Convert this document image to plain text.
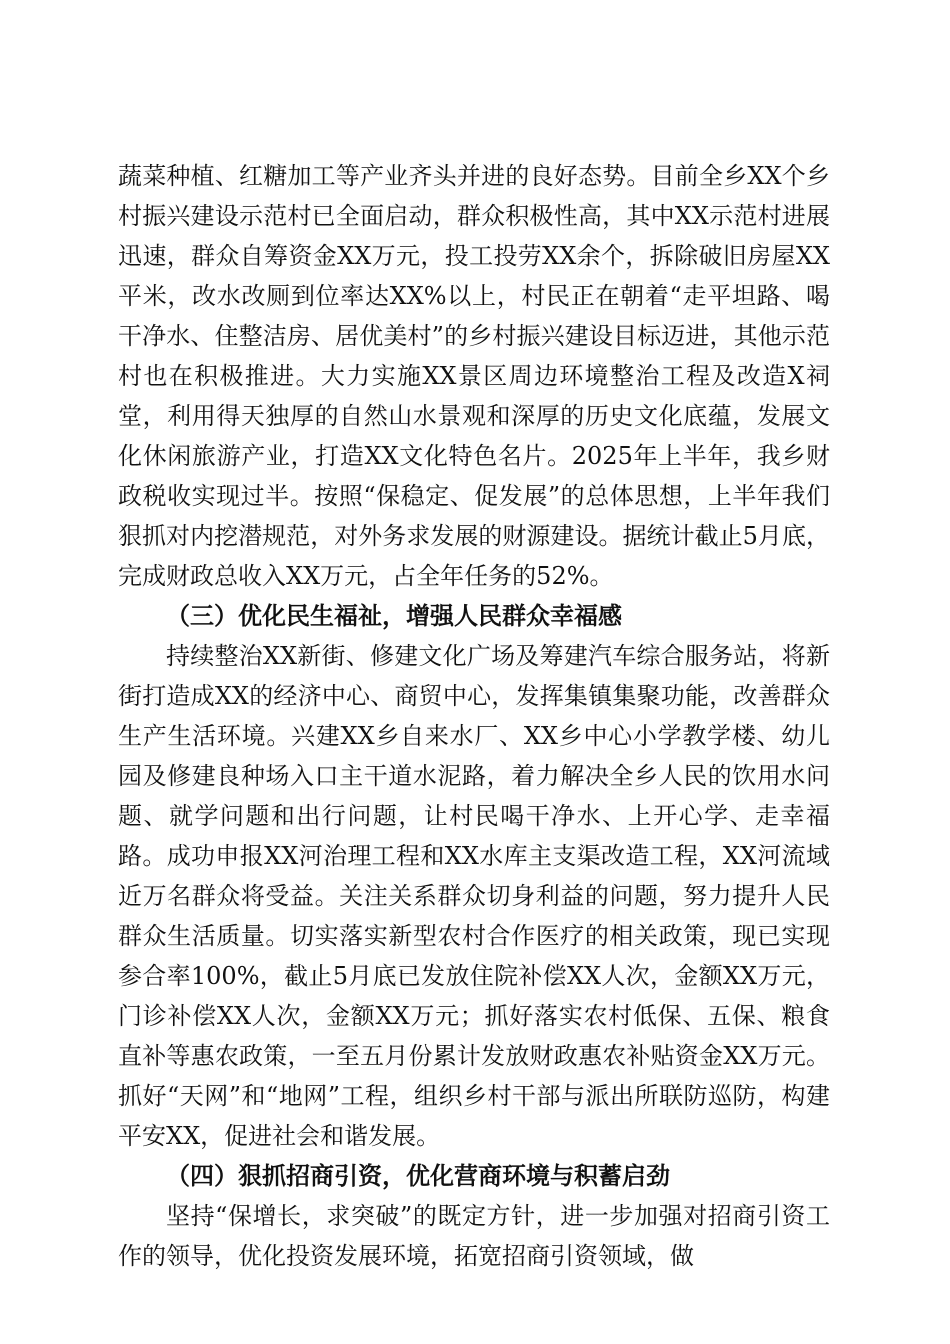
蔬菜种植、红糖加工等产业齐头并进的良好态势。目前全乡XX个乡村振兴建设示范村已全面启动，群众积极性高，其中XX示范村进展迅速，群众自筹资金XX万元，投工投劳XX余个，拆除破旧房屋XX平米，改水改厕到位率达XX%以上，村民正在朝着“走平坦路、喝干净水、住整洁房、居优美村”的乡村振兴建设目标迈进，其他示范村也在积极推进。大力实施XX景区周边环境整治工程及改造X祠堂，利用得天独厚的自然山水景观和深厚的历史文化底蕴，发展文化休闲旅游产业，打造XX文化特色名片。2025年上半年，我乡财政税收实现过半。按照“保稳定、促发展”的总体思想，上半年我们狠抓对内挖潜规范，对外务求发展的财源建设。据统计截止5月底，完成财政总收入XX万元，占全年任务的52%。

（三）优化民生福祉，增强人民群众幸福感

持续整治XX新街、修建文化广场及筹建汽车综合服务站，将新街打造成XX的经济中心、商贸中心，发挥集镇集聚功能，改善群众生产生活环境。兴建XX乡自来水厂、XX乡中心小学教学楼、幼儿园及修建良种场入口主干道水泥路，着力解决全乡人民的饮用水问题、就学问题和出行问题，让村民喝干净水、上开心学、走幸福路。成功申报XX河治理工程和XX水库主支渠改造工程，XX河流域近万名群众将受益。关注关系群众切身利益的问题，努力提升人民群众生活质量。切实落实新型农村合作医疗的相关政策，现已实现参合率100%，截止5月底已发放住院补偿XX人次，金额XX万元，门诊补偿XX人次，金额XX万元；抓好落实农村低保、五保、粮食直补等惠农政策，一至五月份累计发放财政惠农补贴资金XX万元。抓好“天网”和“地网”工程，组织乡村干部与派出所联防巡防，构建平安XX，促进社会和谐发展。

（四）狠抓招商引资，优化营商环境与积蓄启劲

坚持“保增长，求突破”的既定方针，进一步加强对招商引资工作的领导，优化投资发展环境，拓宽招商引资领域，做
